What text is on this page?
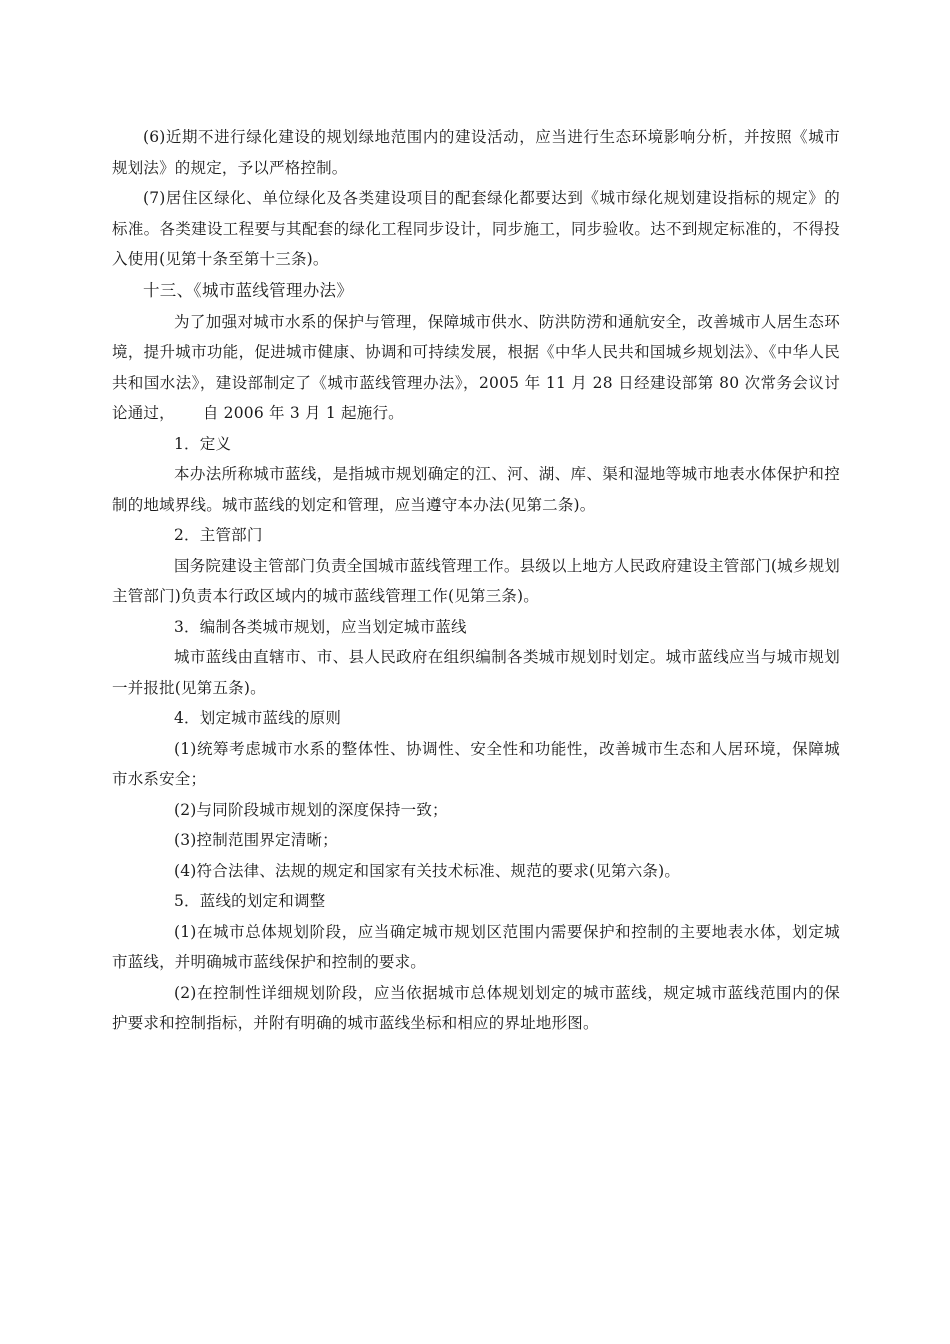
(6)近期不进行绿化建设的规划绿地范围内的建设活动，应当进行生态环境影响分析，并按照《城市规划法》的规定，予以严格控制。

(7)居住区绿化、单位绿化及各类建设项目的配套绿化都要达到《城市绿化规划建设指标的规定》的标准。各类建设工程要与其配套的绿化工程同步设计，同步施工，同步验收。达不到规定标准的，不得投入使用(见第十条至第十三条)。

十三、《城市蓝线管理办法》

为了加强对城市水系的保护与管理，保障城市供水、防洪防涝和通航安全，改善城市人居生态环境，提升城市功能，促进城市健康、协调和可持续发展，根据《中华人民共和国城乡规划法》、《中华人民共和国水法》，建设部制定了《城市蓝线管理办法》，2005 年 11 月 28 日经建设部第 80 次常务会议讨论通过， 自 2006 年 3 月 1 起施行。

1．定义

本办法所称城市蓝线，是指城市规划确定的江、河、湖、库、渠和湿地等城市地表水体保护和控制的地域界线。城市蓝线的划定和管理，应当遵守本办法(见第二条)。

2．主管部门

国务院建设主管部门负责全国城市蓝线管理工作。县级以上地方人民政府建设主管部门(城乡规划主管部门)负责本行政区域内的城市蓝线管理工作(见第三条)。

3．编制各类城市规划，应当划定城市蓝线

城市蓝线由直辖市、市、县人民政府在组织编制各类城市规划时划定。城市蓝线应当与城市规划一并报批(见第五条)。

4．划定城市蓝线的原则

(1)统筹考虑城市水系的整体性、协调性、安全性和功能性，改善城市生态和人居环境，保障城市水系安全；

(2)与同阶段城市规划的深度保持一致；

(3)控制范围界定清晰；

(4)符合法律、法规的规定和国家有关技术标准、规范的要求(见第六条)。

5．蓝线的划定和调整

(1)在城市总体规划阶段，应当确定城市规划区范围内需要保护和控制的主要地表水体，划定城市蓝线，并明确城市蓝线保护和控制的要求。

(2)在控制性详细规划阶段，应当依据城市总体规划划定的城市蓝线，规定城市蓝线范围内的保护要求和控制指标，并附有明确的城市蓝线坐标和相应的界址地形图。
